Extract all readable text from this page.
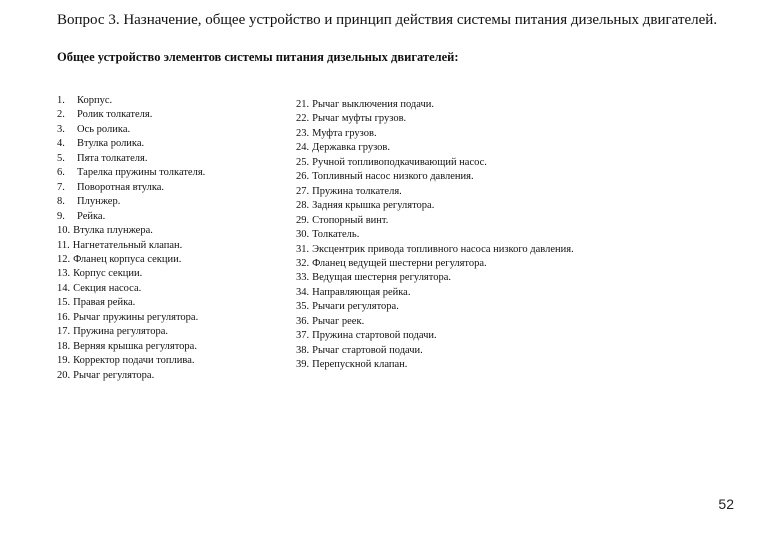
Вопрос 3. Назначение, общее устройство и принцип действия системы питания дизельных двигателей.
Общее устройство элементов системы питания дизельных двигателей:
1.	Корпус.
2.	Ролик толкателя.
3.	Ось ролика.
4.	Втулка ролика.
5.	Пята толкателя.
6.	Тарелка пружины толкателя.
7.	Поворотная втулка.
8.	Плунжер.
9.	Рейка.
10. Втулка плунжера.
11. Нагнетательный клапан.
12. Фланец корпуса секции.
13. Корпус секции.
14. Секция насоса.
15. Правая рейка.
16. Рычаг пружины регулятора.
17. Пружина регулятора.
18. Верняя крышка регулятора.
19. Корректор подачи топлива.
20. Рычаг регулятора.
21. Рычаг выключения подачи.
22. Рычаг муфты грузов.
23. Муфта грузов.
24. Державка грузов.
25. Ручной топливоподкачивающий насос.
26. Топливный насос низкого давления.
27. Пружина толкателя.
28. Задняя крышка регулятора.
29. Стопорный винт.
30. Толкатель.
31. Эксцентрик привода топливного насоса низкого давления.
32. Фланец ведущей шестерни регулятора.
33. Ведущая шестерня регулятора.
34. Направляющая рейка.
35. Рычаги регулятора.
36. Рычаг реек.
37. Пружина стартовой подачи.
38. Рычаг стартовой подачи.
39. Перепускной клапан.
52
